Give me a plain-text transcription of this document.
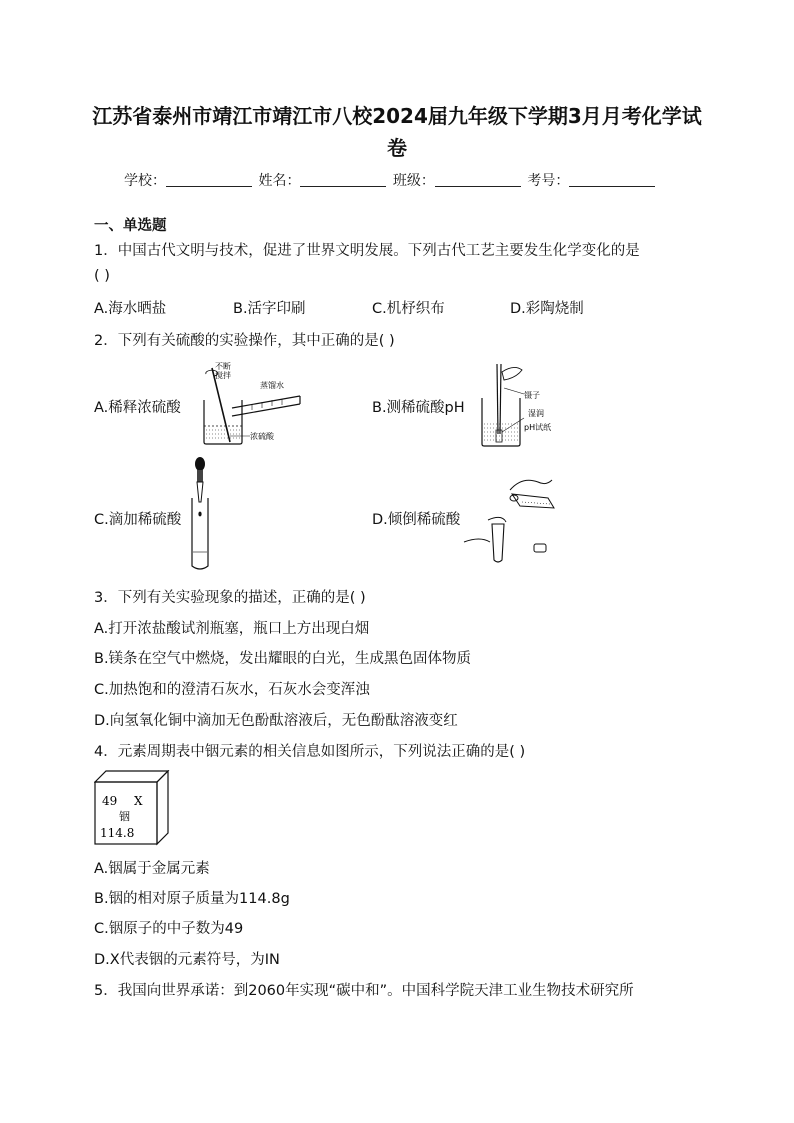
江苏省泰州市靖江市靖江市八校2024届九年级下学期3月月考化学试
卷
学校：	姓名：	班级：	考号：
一、单选题
1．中国古代文明与技术，促进了世界文明发展。下列古代工艺主要发生化学变化的是
( )
A.海水晒盐	B.活字印刷	C.机杼织布	D.彩陶烧制
2．下列有关硫酸的实验操作，其中正确的是( )
A.稀释浓硫酸
不断
搅拌
蒸馏水
浓硫酸
B.测稀硫酸pH
镊子
湿润
pH试纸
C.滴加稀硫酸	D.倾倒稀硫酸
3．下列有关实验现象的描述，正确的是( )
A.打开浓盐酸试剂瓶塞，瓶口上方出现白烟
B.镁条在空气中燃烧，发出耀眼的白光，生成黑色固体物质
C.加热饱和的澄清石灰水，石灰水会变浑浊
D.向氢氧化铜中滴加无色酚酞溶液后，无色酚酞溶液变红
4．元素周期表中铟元素的相关信息如图所示，下列说法正确的是( )
49 X
铟
114.8
A.铟属于金属元素
B.铟的相对原子质量为114.8g
C.铟原子的中子数为49
D.X代表铟的元素符号，为IN
5．我国向世界承诺：到2060年实现“碳中和”。中国科学院天津工业生物技术研究所
